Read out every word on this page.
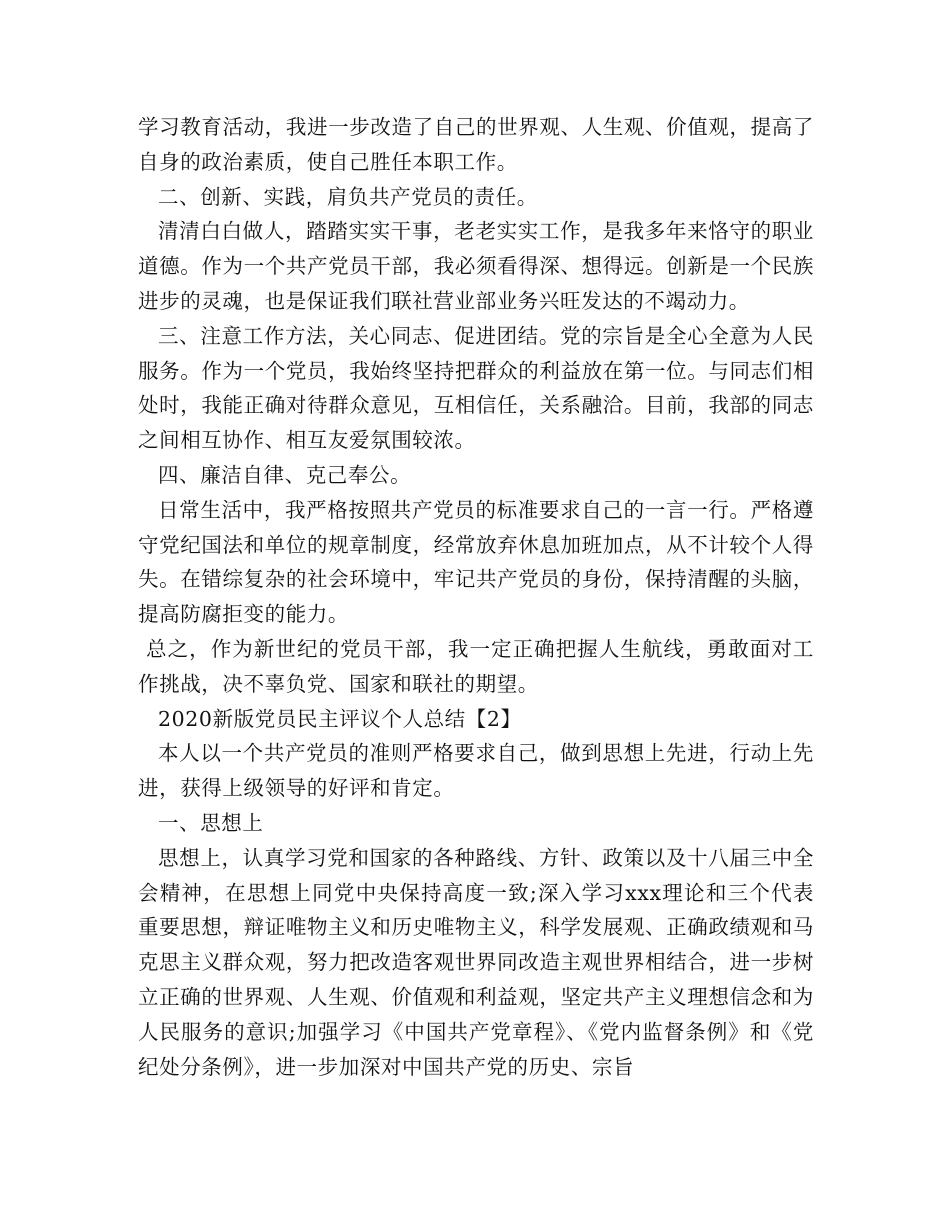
学习教育活动，我进一步改造了自己的世界观、人生观、价值观，提高了自身的政治素质，使自己胜任本职工作。

二、创新、实践，肩负共产党员的责任。

清清白白做人，踏踏实实干事，老老实实工作，是我多年来恪守的职业道德。作为一个共产党员干部，我必须看得深、想得远。创新是一个民族进步的灵魂，也是保证我们联社营业部业务兴旺发达的不竭动力。

三、注意工作方法，关心同志、促进团结。党的宗旨是全心全意为人民服务。作为一个党员，我始终坚持把群众的利益放在第一位。与同志们相处时，我能正确对待群众意见，互相信任，关系融洽。目前，我部的同志之间相互协作、相互友爱氛围较浓。

四、廉洁自律、克己奉公。

日常生活中，我严格按照共产党员的标准要求自己的一言一行。严格遵守党纪国法和单位的规章制度，经常放弃休息加班加点，从不计较个人得失。在错综复杂的社会环境中，牢记共产党员的身份，保持清醒的头脑，提高防腐拒变的能力。

总之，作为新世纪的党员干部，我一定正确把握人生航线，勇敢面对工作挑战，决不辜负党、国家和联社的期望。

2020新版党员民主评议个人总结【2】

本人以一个共产党员的准则严格要求自己，做到思想上先进，行动上先进，获得上级领导的好评和肯定。

一、思想上

思想上，认真学习党和国家的各种路线、方针、政策以及十八届三中全会精神，在思想上同党中央保持高度一致;深入学习xxx理论和三个代表重要思想，辩证唯物主义和历史唯物主义，科学发展观、正确政绩观和马克思主义群众观，努力把改造客观世界同改造主观世界相结合，进一步树立正确的世界观、人生观、价值观和利益观，坚定共产主义理想信念和为人民服务的意识;加强学习《中国共产党章程》、《党内监督条例》和《党纪处分条例》，进一步加深对中国共产党的历史、宗旨
